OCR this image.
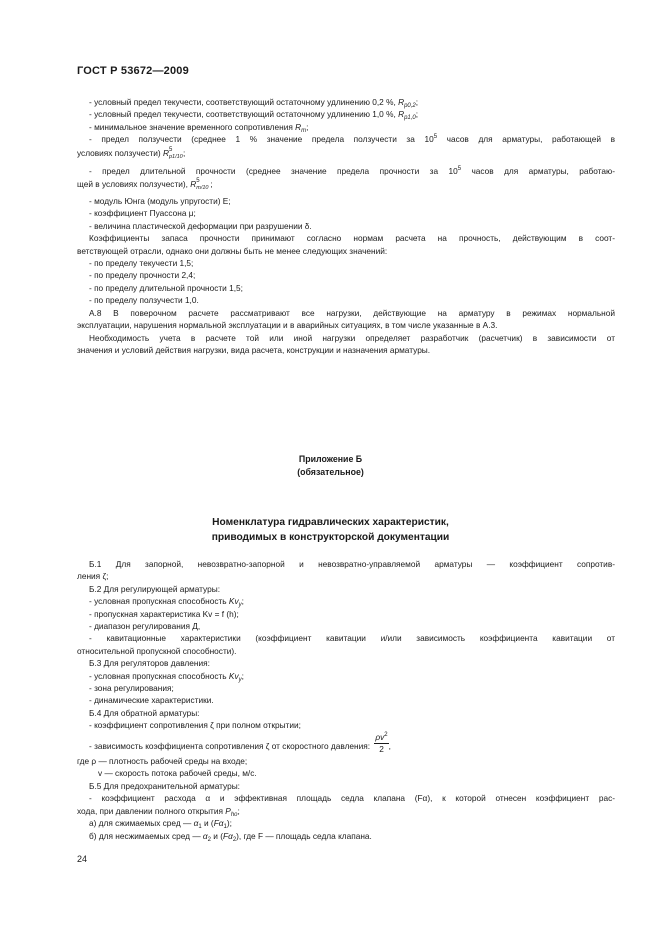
ГОСТ Р 53672—2009
- условный предел текучести, соответствующий остаточному удлинению 0,2 %, $R_{p0,2}$;
- условный предел текучести, соответствующий остаточному удлинению 1,0 %, $R_{p1,0}$;
- минимальное значение временного сопротивления $R_m$;
- предел ползучести (среднее 1 % значение предела ползучести за $10^5$ часов для арматуры, работающей в
условиях ползучести) R 5
p1/10 ;
- предел длительной прочности (среднее значение предела прочности за $10^5$ часов для арматуры, работаю-
щей в условиях ползучести), R 5
m/10 ;
- модуль Юнга (модуль упругости) Е;
- коэффициент Пуассона μ;
- величина пластической деформации при разрушении δ.
Коэффициенты запаса прочности принимают согласно нормам расчета на прочность, действующим в соот-
ветствующей отрасли, однако они должны быть не менее следующих значений:
- по пределу текучести 1,5;
- по пределу прочности 2,4;
- по пределу длительной прочности 1,5;
- по пределу ползучести 1,0.
А.8 В поверочном расчете рассматривают все нагрузки, действующие на арматуру в режимах нормальной
эксплуатации, нарушения нормальной эксплуатации и в аварийных ситуациях, в том числе указанные в А.3.
Необходимость учета в расчете той или иной нагрузки определяет разработчик (расчетчик) в зависимости от
значения и условий действия нагрузки, вида расчета, конструкции и назначения арматуры.
Приложение Б
(обязательное)
Номенклатура гидравлических характеристик,
приводимых в конструкторской документации
Б.1 Для запорной, невозвратно-запорной и невозвратно-управляемой арматуры — коэффициент сопротив-
ления ζ;
Б.2 Для регулирующей арматуры:
- условная пропускная способность $Kv_y$;
- пропускная характеристика Kv = f (h);
- диапазон регулирования Д,
- кавитационные характеристики (коэффициент кавитации и/или зависимость коэффициента кавитации от
относительной пропускной способности).
Б.3 Для регуляторов давления:
- условная пропускная способность $Kv_y$;
- зона регулирования;
- динамические характеристики.
Б.4 Для обратной арматуры:
- коэффициент сопротивления ζ при полном открытии;
- зависимость коэффициента сопротивления ζ от скоростного давления: $\frac{\rho v^2}{2}$ ,
где ρ — плотность рабочей среды на входе;
v — скорость потока рабочей среды, м/с.
Б.5 Для предохранительной арматуры:
- коэффициент расхода α и эффективная площадь седла клапана (Fα), к которой отнесен коэффициент рас-
хода, при давлении полного открытия $P_{ho}$;
а) для сжимаемых сред — $\alpha_1$ и $(F\alpha_1)$;
б) для несжимаемых сред — $\alpha_2$ и $(F\alpha_2)$, где F — площадь седла клапана.
24
